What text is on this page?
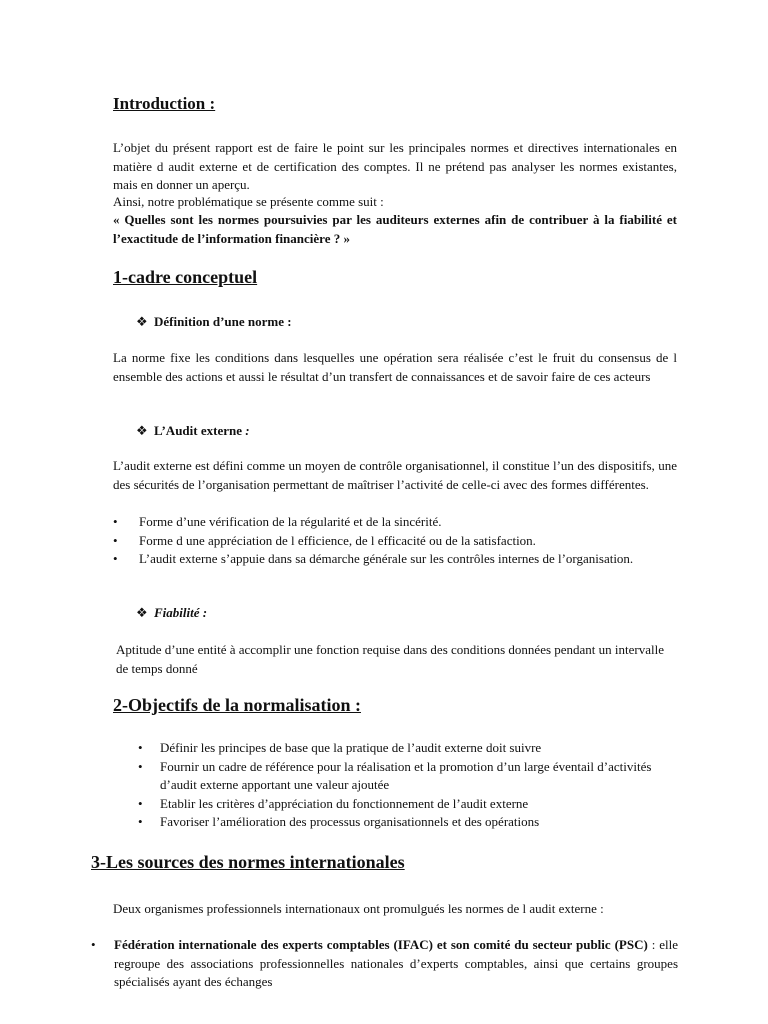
Introduction :

L’objet du présent rapport est de faire le point sur les principales normes et directives internationales en matière d audit externe et de certification des comptes. Il ne prétend pas analyser les normes existantes, mais en donner un aperçu.

Ainsi, notre problématique se présente comme suit :

« Quelles sont les normes poursuivies par les auditeurs externes afin de contribuer à la fiabilité et l’exactitude de l’information financière ? »

1-cadre conceptuel

❖ Définition d’une norme :

La norme fixe les conditions dans lesquelles une opération sera réalisée c’est le fruit du consensus de l ensemble des actions et aussi le résultat d’un transfert de connaissances et de savoir faire de ces acteurs

❖ L’Audit externe :

L’audit externe est défini comme un moyen de contrôle organisationnel, il constitue l’un des dispositifs, une des sécurités de l’organisation permettant de maîtriser l’activité de celle-ci avec des formes différentes.

• Forme d’une vérification de la régularité et de la sincérité.

• Forme d une appréciation de l efficience, de l efficacité ou de la satisfaction.

• L’audit externe s’appuie dans sa démarche générale sur les contrôles internes de l’organisation.

❖ Fiabilité :

Aptitude d’une entité à accomplir une fonction requise dans des conditions données pendant un intervalle de temps donné

2-Objectifs de la normalisation :
• Définir les principes de base que la pratique de l’audit externe doit suivre
• Fournir un cadre de référence pour la réalisation et la promotion d’un large éventail d’activités d’audit externe apportant une valeur ajoutée
• Etablir les critères d’appréciation du fonctionnement de l’audit externe
• Favoriser l’amélioration des processus organisationnels et des opérations
3-Les sources des normes internationales

Deux organismes professionnels internationaux ont promulgués les normes de l audit externe :

• Fédération internationale des experts comptables (IFAC) et son comité du secteur public (PSC) : elle regroupe des associations professionnelles nationales d’experts comptables, ainsi que certains groupes spécialisés ayant des échanges
